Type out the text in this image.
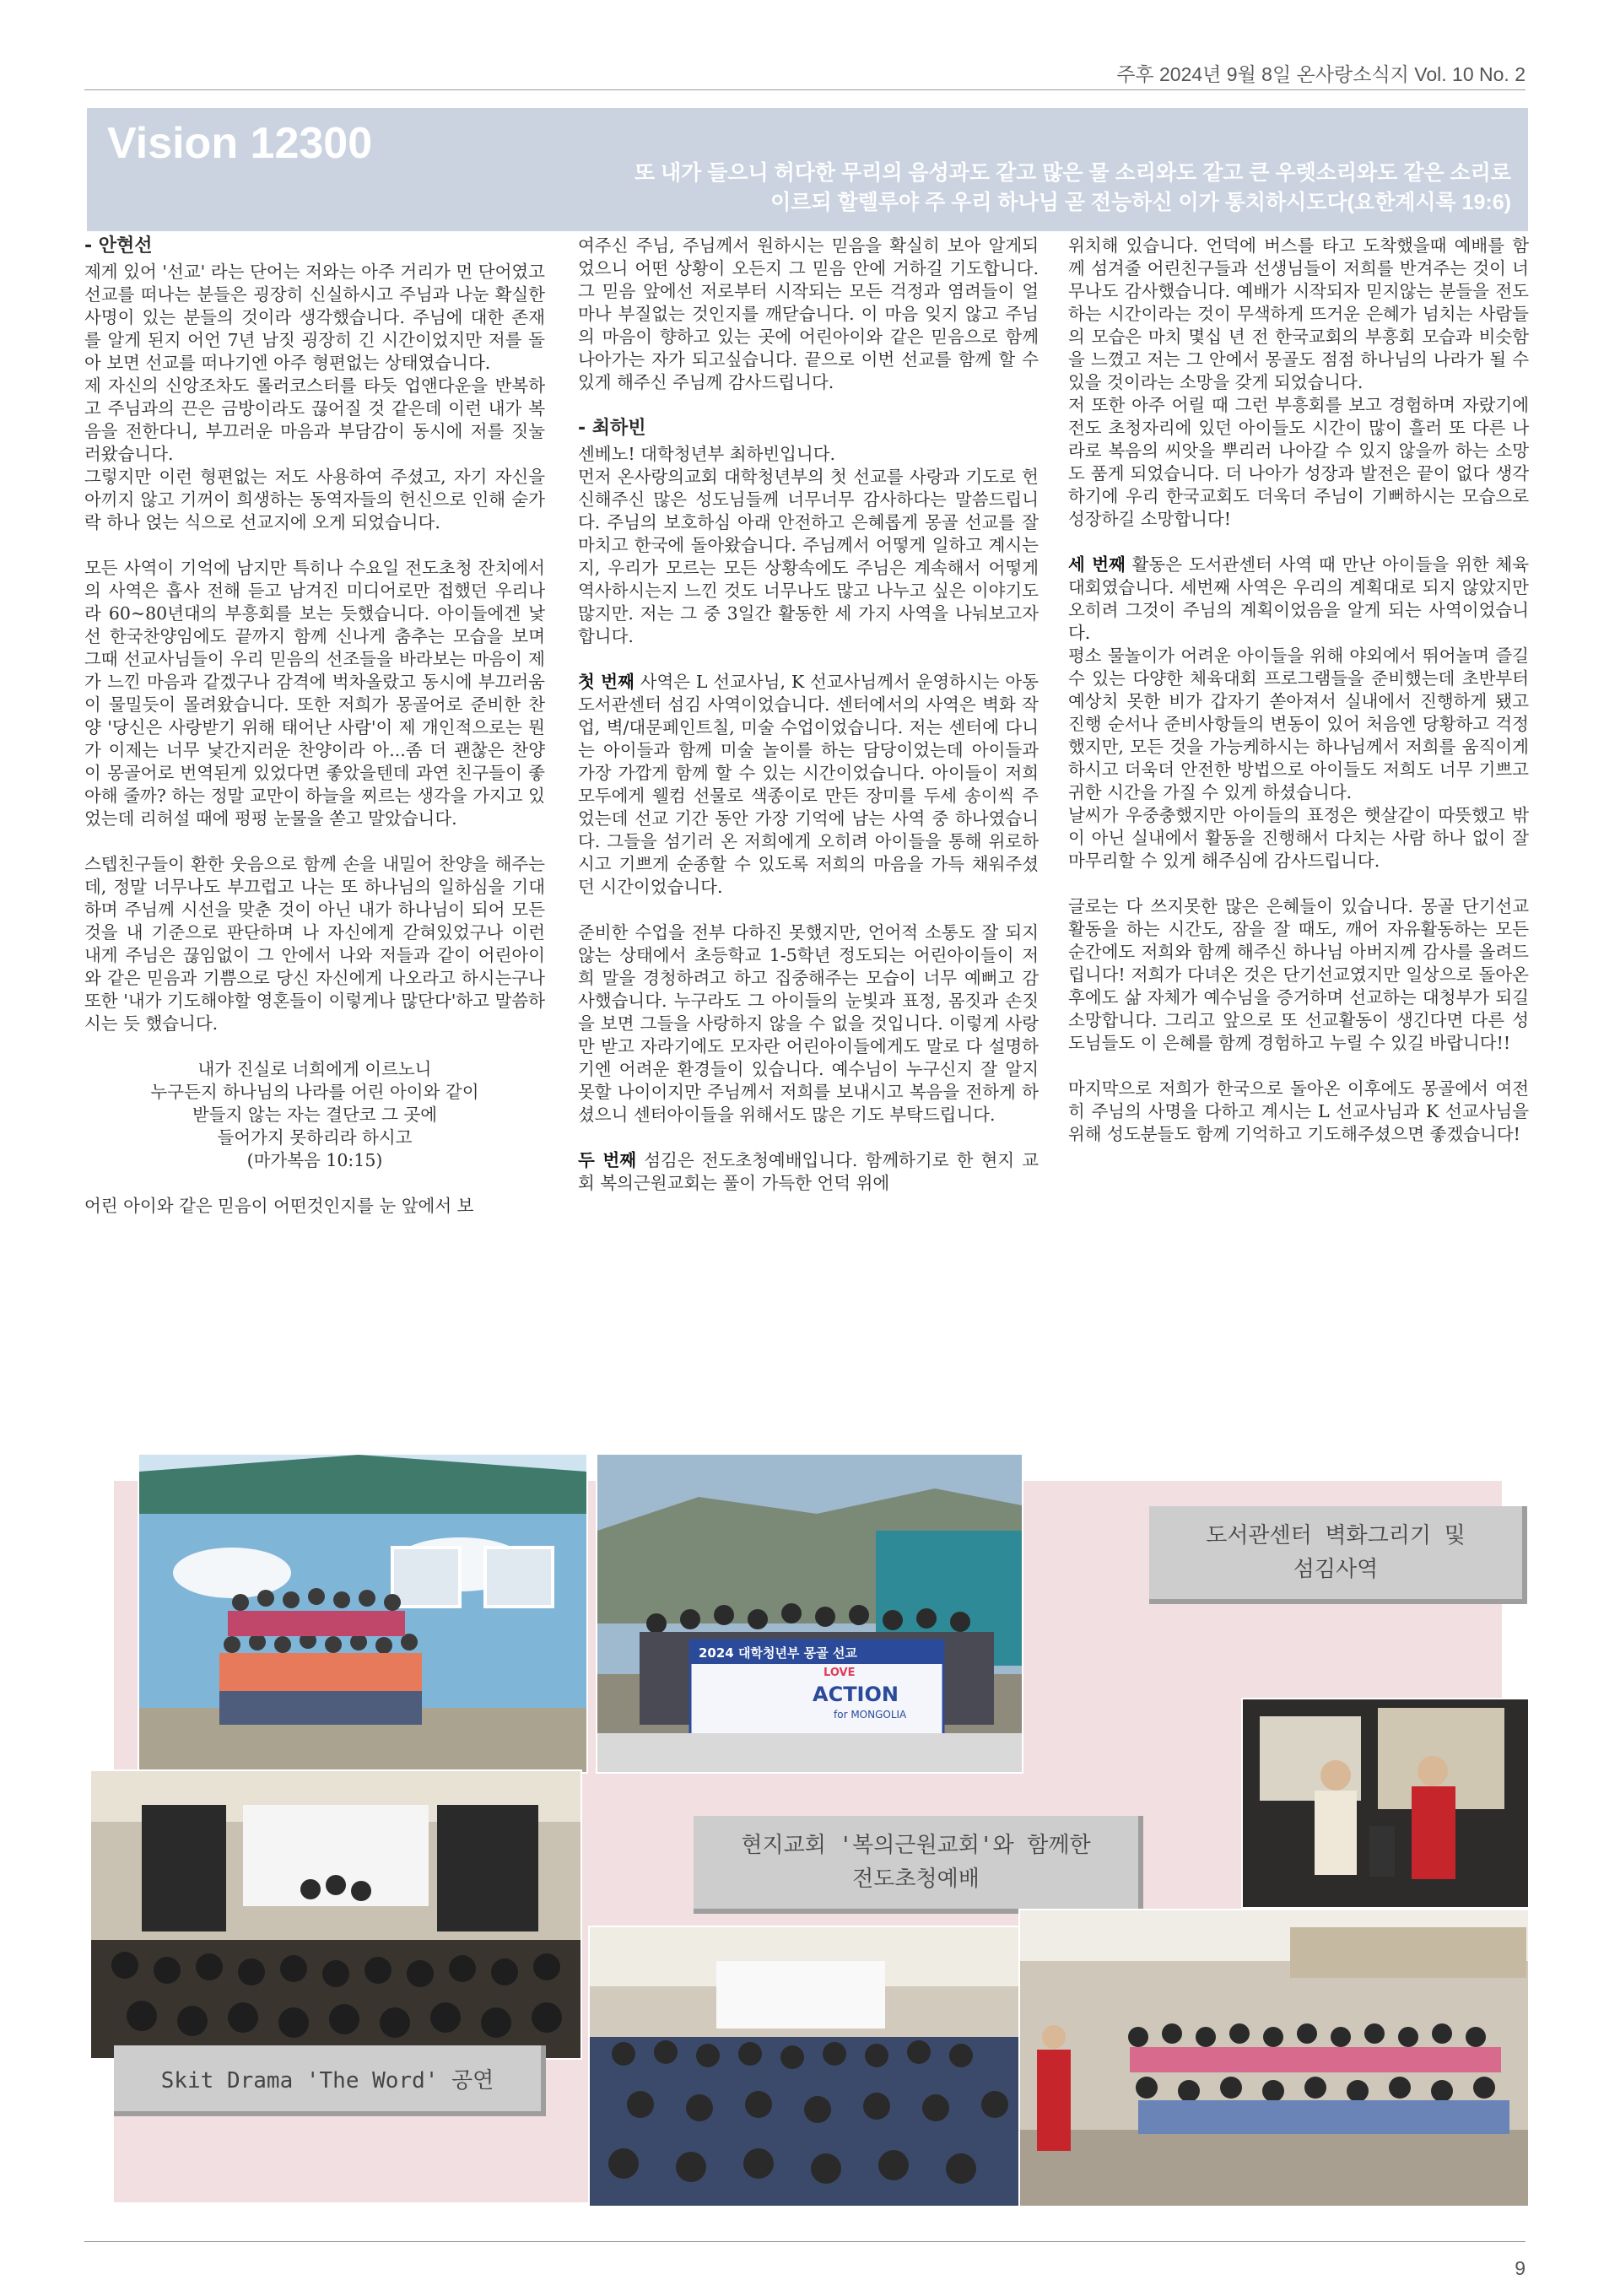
주후 2024년 9월 8일 온사랑소식지 Vol. 10 No. 2
Vision 12300
또 내가 들으니 허다한 무리의 음성과도 같고 많은 물 소리와도 같고 큰 우렛소리와도 같은 소리로
이르되 할렐루야 주 우리 하나님 곧 전능하신 이가 통치하시도다(요한계시록 19:6)
- 안현선

제게 있어 '선교' 라는 단어는 저와는 아주 거리가 먼 단어였고 선교를 떠나는 분들은 굉장히 신실하시고 주님과 나눈 확실한 사명이 있는 분들의 것이라 생각했습니다. 주님에 대한 존재를 알게 된지 어언 7년 남짓 굉장히 긴 시간이었지만 저를 돌아 보면 선교를 떠나기엔 아주 형편없는 상태였습니다.

제 자신의 신앙조차도 롤러코스터를 타듯 업앤다운을 반복하고 주님과의 끈은 금방이라도 끊어질 것 같은데 이런 내가 복음을 전한다니, 부끄러운 마음과 부담감이 동시에 저를 짓눌러왔습니다.

그렇지만 이런 형편없는 저도 사용하여 주셨고, 자기 자신을 아끼지 않고 기꺼이 희생하는 동역자들의 헌신으로 인해 숟가락 하나 얹는 식으로 선교지에 오게 되었습니다.

모든 사역이 기억에 남지만 특히나 수요일 전도초청 잔치에서의 사역은 흡사 전해 듣고 남겨진 미디어로만 접했던 우리나라 60~80년대의 부흥회를 보는 듯했습니다. 아이들에겐 낯선 한국찬양임에도 끝까지 함께 신나게 춤추는 모습을 보며 그때 선교사님들이 우리 믿음의 선조들을 바라보는 마음이 제가 느낀 마음과 같겠구나 감격에 벅차올랐고 동시에 부끄러움이 물밀듯이 몰려왔습니다. 또한 저희가 몽골어로 준비한 찬양 '당신은 사랑받기 위해 태어난 사람'이 제 개인적으로는 뭔가 이제는 너무 낯간지러운 찬양이라 아...좀 더 괜찮은 찬양이 몽골어로 번역된게 있었다면 좋았을텐데 과연 친구들이 좋아해 줄까? 하는 정말 교만이 하늘을 찌르는 생각을 가지고 있었는데 리허설 때에 펑펑 눈물을 쏟고 말았습니다.

스텝친구들이 환한 웃음으로 함께 손을 내밀어 찬양을 해주는데, 정말 너무나도 부끄럽고 나는 또 하나님의 일하심을 기대하며 주님께 시선을 맞춘 것이 아닌 내가 하나님이 되어 모든 것을 내 기준으로 판단하며 나 자신에게 갇혀있었구나 이런 내게 주님은 끊임없이 그 안에서 나와 저들과 같이 어린아이와 같은 믿음과 기쁨으로 당신 자신에게 나오라고 하시는구나 또한 '내가 기도해야할 영혼들이 이렇게나 많단다'하고 말씀하시는 듯 했습니다.

내가 진실로 너희에게 이르노니
누구든지 하나님의 나라를 어린 아이와 같이
받들지 않는 자는 결단코 그 곳에
들어가지 못하리라 하시고
(마가복음 10:15)

어린 아이와 같은 믿음이 어떤것인지를 눈 앞에서 보

여주신 주님, 주님께서 원하시는 믿음을 확실히 보아 알게되었으니 어떤 상황이 오든지 그 믿음 안에 거하길 기도합니다. 그 믿음 앞에선 저로부터 시작되는 모든 걱정과 염려들이 얼마나 부질없는 것인지를 깨닫습니다. 이 마음 잊지 않고 주님의 마음이 향하고 있는 곳에 어린아이와 같은 믿음으로 함께 나아가는 자가 되고싶습니다. 끝으로 이번 선교를 함께 할 수 있게 해주신 주님께 감사드립니다.

- 최하빈

센베노! 대학청년부 최하빈입니다.

먼저 온사랑의교회 대학청년부의 첫 선교를 사랑과 기도로 헌신해주신 많은 성도님들께 너무너무 감사하다는 말씀드립니다. 주님의 보호하심 아래 안전하고 은혜롭게 몽골 선교를 잘 마치고 한국에 돌아왔습니다. 주님께서 어떻게 일하고 계시는지, 우리가 모르는 모든 상황속에도 주님은 계속해서 어떻게 역사하시는지 느낀 것도 너무나도 많고 나누고 싶은 이야기도 많지만. 저는 그 중 3일간 활동한 세 가지 사역을 나눠보고자 합니다.

첫 번째 사역은 L 선교사님, K 선교사님께서 운영하시는 아동도서관센터 섬김 사역이었습니다. 센터에서의 사역은 벽화 작업, 벽/대문페인트칠, 미술 수업이었습니다. 저는 센터에 다니는 아이들과 함께 미술 놀이를 하는 담당이었는데 아이들과 가장 가깝게 함께 할 수 있는 시간이었습니다. 아이들이 저희 모두에게 웰컴 선물로 색종이로 만든 장미를 두세 송이씩 주었는데 선교 기간 동안 가장 기억에 남는 사역 중 하나였습니다. 그들을 섬기러 온 저희에게 오히려 아이들을 통해 위로하시고 기쁘게 순종할 수 있도록 저희의 마음을 가득 채워주셨던 시간이었습니다.

준비한 수업을 전부 다하진 못했지만, 언어적 소통도 잘 되지 않는 상태에서 초등학교 1-5학년 정도되는 어린아이들이 저희 말을 경청하려고 하고 집중해주는 모습이 너무 예뻐고 감사했습니다. 누구라도 그 아이들의 눈빛과 표정, 몸짓과 손짓을 보면 그들을 사랑하지 않을 수 없을 것입니다. 이렇게 사랑만 받고 자라기에도 모자란 어린아이들에게도 말로 다 설명하기엔 어려운 환경들이 있습니다. 예수님이 누구신지 잘 알지 못할 나이이지만 주님께서 저희를 보내시고 복음을 전하게 하셨으니 센터아이들을 위해서도 많은 기도 부탁드립니다.

두 번째 섬김은 전도초청예배입니다. 함께하기로 한 현지 교회 복의근원교회는 풀이 가득한 언덕 위에

위치해 있습니다. 언덕에 버스를 타고 도착했을때 예배를 함께 섬겨줄 어린친구들과 선생님들이 저희를 반겨주는 것이 너무나도 감사했습니다. 예배가 시작되자 믿지않는 분들을 전도하는 시간이라는 것이 무색하게 뜨거운 은혜가 넘치는 사람들의 모습은 마치 몇십 년 전 한국교회의 부흥회 모습과 비슷함을 느꼈고 저는 그 안에서 몽골도 점점 하나님의 나라가 될 수 있을 것이라는 소망을 갖게 되었습니다.

저 또한 아주 어릴 때 그런 부흥회를 보고 경험하며 자랐기에 전도 초청자리에 있던 아이들도 시간이 많이 흘러 또 다른 나라로 복음의 씨앗을 뿌리러 나아갈 수 있지 않을까 하는 소망도 품게 되었습니다. 더 나아가 성장과 발전은 끝이 없다 생각하기에 우리 한국교회도 더욱더 주님이 기뻐하시는 모습으로 성장하길 소망합니다!

세 번째 활동은 도서관센터 사역 때 만난 아이들을 위한 체육대회였습니다. 세번째 사역은 우리의 계획대로 되지 않았지만 오히려 그것이 주님의 계획이었음을 알게 되는 사역이었습니다.

평소 물놀이가 어려운 아이들을 위해 야외에서 뛰어놀며 즐길수 있는 다양한 체육대회 프로그램들을 준비했는데 초반부터 예상치 못한 비가 갑자기 쏟아져서 실내에서 진행하게 됐고 진행 순서나 준비사항들의 변동이 있어 처음엔 당황하고 걱정했지만, 모든 것을 가능케하시는 하나님께서 저희를 움직이게 하시고 더욱더 안전한 방법으로 아이들도 저희도 너무 기쁘고 귀한 시간을 가질 수 있게 하셨습니다.

날씨가 우중충했지만 아이들의 표정은 햇살같이 따뜻했고 밖이 아닌 실내에서 활동을 진행해서 다치는 사람 하나 없이 잘 마무리할 수 있게 해주심에 감사드립니다.

글로는 다 쓰지못한 많은 은혜들이 있습니다. 몽골 단기선교 활동을 하는 시간도, 잠을 잘 때도, 깨어 자유활동하는 모든 순간에도 저희와 함께 해주신 하나님 아버지께 감사를 올려드립니다! 저희가 다녀온 것은 단기선교였지만 일상으로 돌아온 후에도 삶 자체가 예수님을 증거하며 선교하는 대청부가 되길 소망합니다. 그리고 앞으로 또 선교활동이 생긴다면 다른 성도님들도 이 은혜를 함께 경험하고 누릴 수 있길 바랍니다!!

마지막으로 저희가 한국으로 돌아온 이후에도 몽골에서 여전히 주님의 사명을 다하고 계시는 L 선교사님과 K 선교사님을 위해 성도분들도 함께 기억하고 기도해주셨으면 좋겠습니다!

2024 대학청년부 몽골 선교
LOVE
ACTION
for MONGOLIA
도서관센터 벽화그리기 및
섬김사역
현지교회 '복의근원교회'와 함께한
전도초청예배
Skit Drama 'The Word' 공연
9
